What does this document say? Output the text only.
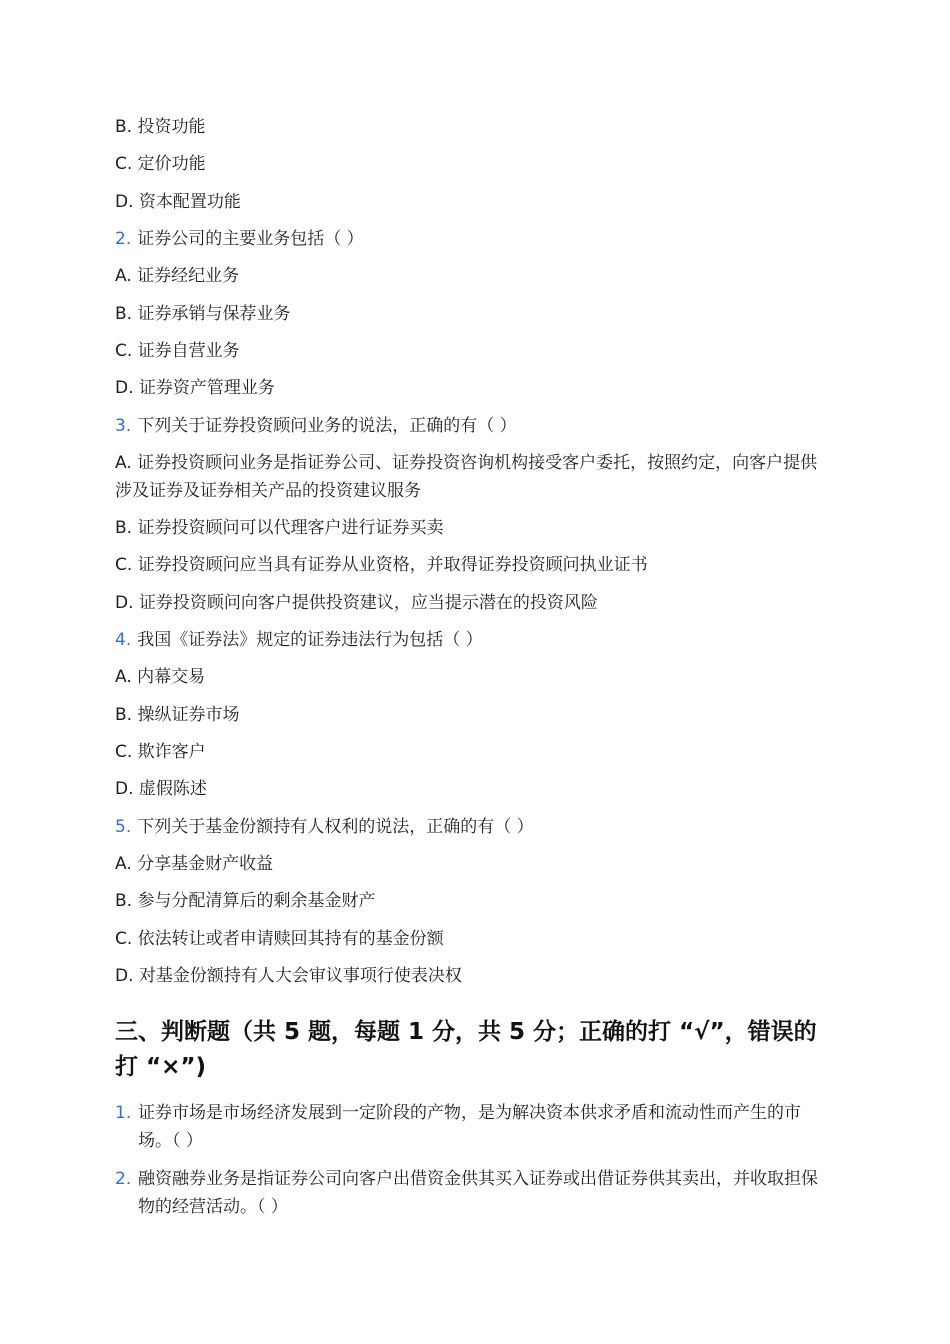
B. 投资功能
C. 定价功能
D. 资本配置功能
2. 证券公司的主要业务包括（ ）
A. 证券经纪业务
B. 证券承销与保荐业务
C. 证券自营业务
D. 证券资产管理业务
3. 下列关于证券投资顾问业务的说法，正确的有（ ）
A. 证券投资顾问业务是指证券公司、证券投资咨询机构接受客户委托，按照约定，向客户提供涉及证券及证券相关产品的投资建议服务
B. 证券投资顾问可以代理客户进行证券买卖
C. 证券投资顾问应当具有证券从业资格，并取得证券投资顾问执业证书
D. 证券投资顾问向客户提供投资建议，应当提示潜在的投资风险
4. 我国《证券法》规定的证券违法行为包括（ ）
A. 内幕交易
B. 操纵证券市场
C. 欺诈客户
D. 虚假陈述
5. 下列关于基金份额持有人权利的说法，正确的有（ ）
A. 分享基金财产收益
B. 参与分配清算后的剩余基金财产
C. 依法转让或者申请赎回其持有的基金份额
D. 对基金份额持有人大会审议事项行使表决权
三、判断题（共 5 题，每题 1 分，共 5 分；正确的打 “√”，错误的打 “×”)
1. 证券市场是市场经济发展到一定阶段的产物，是为解决资本供求矛盾和流动性而产生的市场。（ ）
2. 融资融券业务是指证券公司向客户出借资金供其买入证券或出借证券供其卖出，并收取担保物的经营活动。（ ）
